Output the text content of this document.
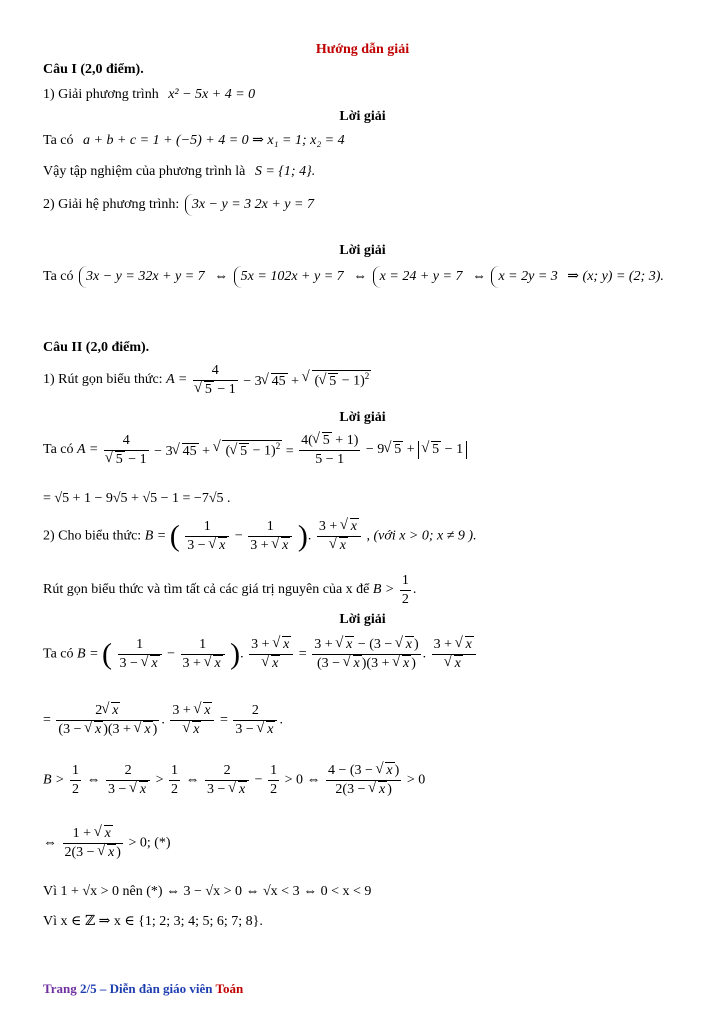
Hướng dẫn giải
Câu I (2,0 điểm).
1) Giải phương trình x² − 5x + 4 = 0
Lời giải
Ta có a + b + c = 1 + (−5) + 4 = 0 ⇒ x₁ = 1; x₂ = 4
Vậy tập nghiệm của phương trình là S = {1; 4}.
2) Giải hệ phương trình: 3x − y = 3 2x + y = 7
Lời giải
Ta có 3x − y = 32x + y = 7 ⇔ 5x = 102x + y = 7 ⇔ x = 24 + y = 7 ⇔ x = 2y = 3 ⇒ (x; y) = (2; 3).
Câu II (2,0 điểm).
1) Rút gọn biểu thức: A = 4
√ 5 − 1 − 3√ 45 + √ (√ 5 − 1)$^2$
Lời giải
Ta có A = 4
√ 5 − 1 − 3√ 45 + √ (√ $5 - 1)^2 = \frac{4(√ 5 + 1)}{5 - 1} - 9√$ 5 + √ 5 − 1
= √5 + 1 − 9√5 + √5 − 1 = −7√5 .
2) Cho biểu thức: B = ( $\frac{1}{3 - √ x} - \frac{1}{3 + √ x}$ ). 3 + √ x
√ x , (với x > 0; x ≠ 9 ).
Rút gọn biểu thức và tìm tất cả các giá trị nguyên của x để $B > \frac{1}{2}$ .
Lời giải
Ta có B = ( $\frac{1}{3 - √ x} - \frac{1}{3 + √ x}$ ). 3 + √ x
√ $x = \frac{3 + √ x - (3 - √ x )}{(3 - √ x )(3 + √ x )}$ . 3 + √ x
√ x
= $\frac{2√ x}{(3 - √ x )(3 + √ x )}$ . 3 + √ x
√ $x = \frac{2}{3 - √ x}$ .
$B > \frac{1}{2}$ ⇔ $\frac{2}{3 - √ x} > \frac{1}{2}$ ⇔ $\frac{2}{3 - √ x} - \frac{1}{2} > 0$ ⇔ $\frac{4 - (3 - √ x )}{2(3 - √ x )} > 0$
⇔ $\frac{1 + √ x}{2(3 - √ x )} > 0$; (*)
Vì 1 + √x > 0 nên (*) ⇔ 3 − √x > 0 ⇔ √x < 3 ⇔ 0 < x < 9
Vì x ∈ ℤ ⇒ x ∈ {1; 2; 3; 4; 5; 6; 7; 8}.
Trang 2/5 – Diễn đàn giáo viên Toán
